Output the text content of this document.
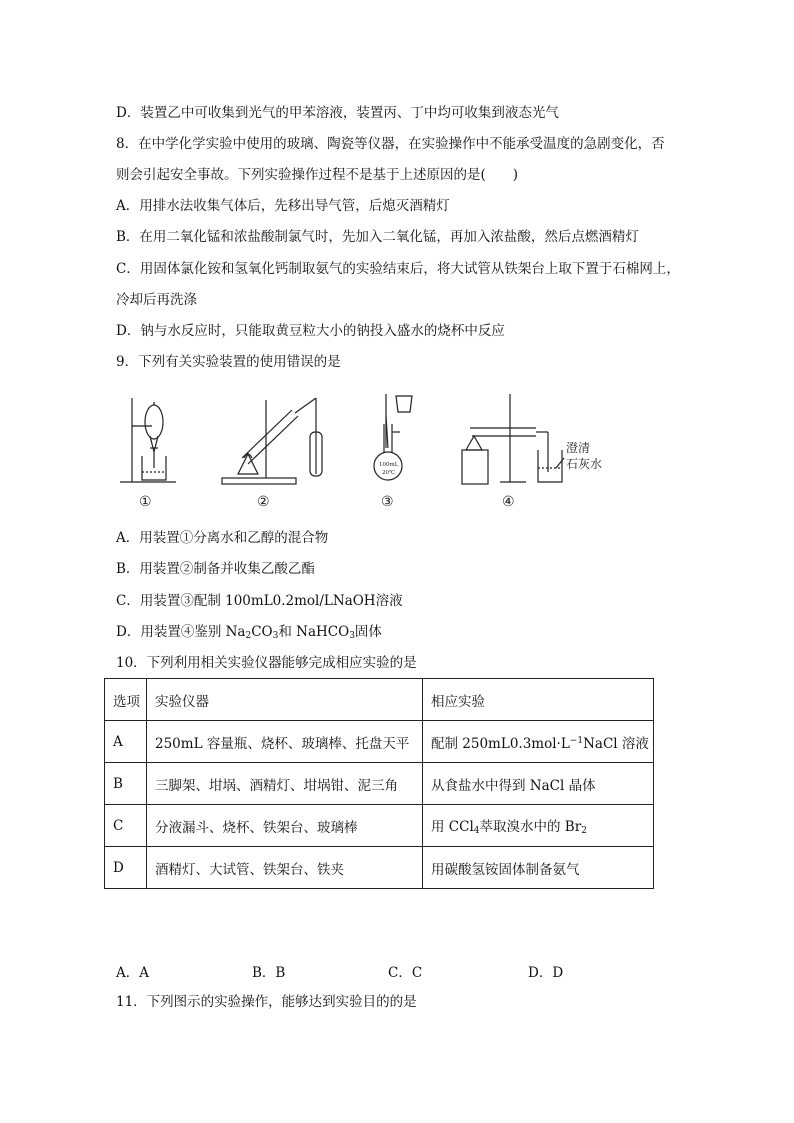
D．装置乙中可收集到光气的甲苯溶液，装置丙、丁中均可收集到液态光气
8．在中学化学实验中使用的玻璃、陶瓷等仪器，在实验操作中不能承受温度的急剧变化，否
则会引起安全事故。下列实验操作过程不是基于上述原因的是(　　)
A．用排水法收集气体后，先移出导气管，后熄灭酒精灯
B．在用二氧化锰和浓盐酸制氯气时，先加入二氧化锰，再加入浓盐酸，然后点燃酒精灯
C．用固体氯化铵和氢氧化钙制取氨气的实验结束后，将大试管从铁架台上取下置于石棉网上，
冷却后再洗涤
D．钠与水反应时，只能取黄豆粒大小的钠投入盛水的烧杯中反应
9．下列有关实验装置的使用错误的是
100mL
20℃
澄清
石灰水
①	②	③	④
A．用装置①分离水和乙醇的混合物
B．用装置②制备并收集乙酸乙酯
C．用装置③配制 100mL0.2mol/LNaOH溶液
D．用装置④鉴别 $Na_2CO_3$和 NaHCO$_3$固体
10．下列利用相关实验仪器能够完成相应实验的是
选项	实验仪器	相应实验
A	250mL 容量瓶、烧杯、玻璃棒、托盘天平	配制 $250mL0.3mol\cdot L^{-1}NaCl$ 溶液
B	三脚架、坩埚、酒精灯、坩埚钳、泥三角	从食盐水中得到 NaCl 晶体
C	分液漏斗、烧杯、铁架台、玻璃棒	用 CCl$_4$萃取溴水中的 $Br_2$
D	酒精灯、大试管、铁架台、铁夹	用碳酸氢铵固体制备氨气
A．A	B．B	C．C	D．D
11．下列图示的实验操作，能够达到实验目的的是
